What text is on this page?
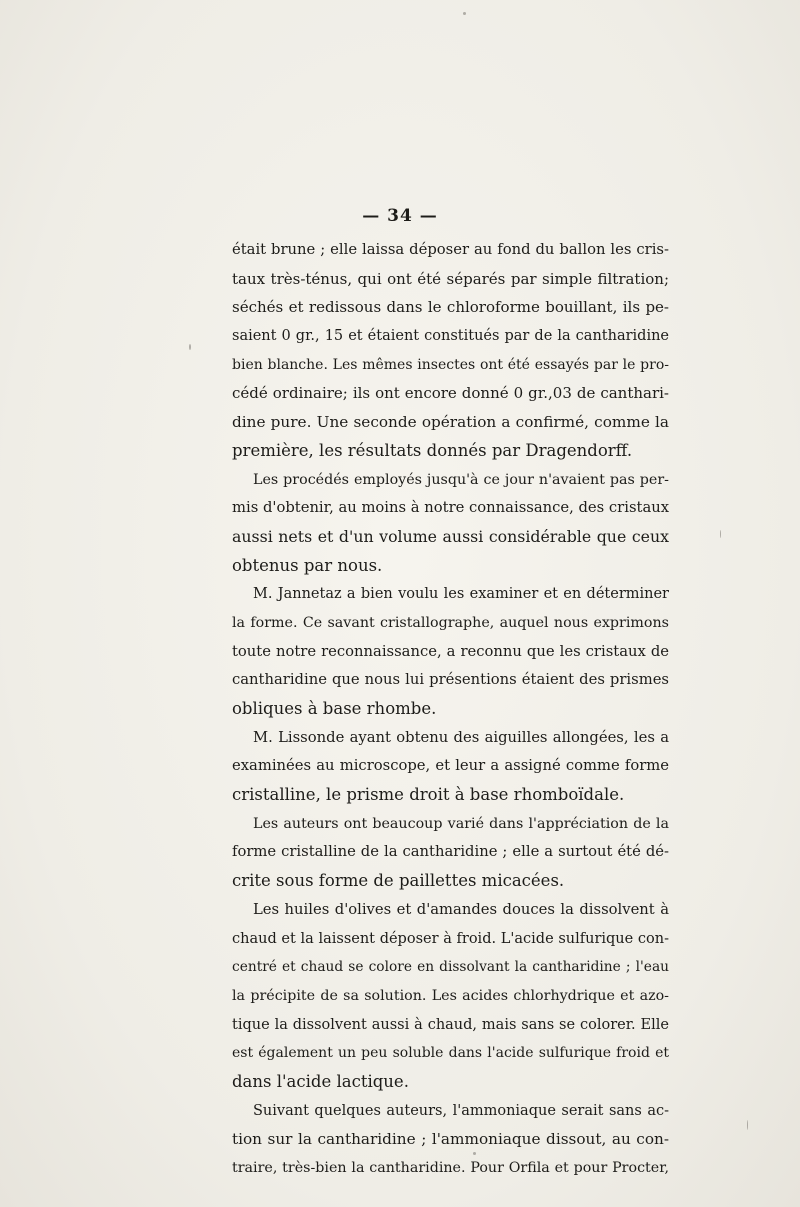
— 34 —
était brune ; elle laissa déposer au fond du ballon les cris-
taux très-ténus, qui ont été séparés par simple filtration;
séchés et redissous dans le chloroforme bouillant, ils pe-
saient 0 gr., 15 et étaient constitués par de la cantharidine
bien blanche. Les mêmes insectes ont été essayés par le pro-
cédé ordinaire; ils ont encore donné 0 gr.,03 de canthari-
dine pure. Une seconde opération a confirmé, comme la
première, les résultats donnés par Dragendorff.
Les procédés employés jusqu'à ce jour n'avaient pas per-
mis d'obtenir, au moins à notre connaissance, des cristaux
aussi nets et d'un volume aussi considérable que ceux
obtenus par nous.
M. Jannetaz a bien voulu les examiner et en déterminer
la forme. Ce savant cristallographe, auquel nous exprimons
toute notre reconnaissance, a reconnu que les cristaux de
cantharidine que nous lui présentions étaient des prismes
obliques à base rhombe.
M. Lissonde ayant obtenu des aiguilles allongées, les a
examinées au microscope, et leur a assigné comme forme
cristalline, le prisme droit à base rhomboïdale.
Les auteurs ont beaucoup varié dans l'appréciation de la
forme cristalline de la cantharidine ; elle a surtout été dé-
crite sous forme de paillettes micacées.
Les huiles d'olives et d'amandes douces la dissolvent à
chaud et la laissent déposer à froid. L'acide sulfurique con-
centré et chaud se colore en dissolvant la cantharidine ; l'eau
la précipite de sa solution. Les acides chlorhydrique et azo-
tique la dissolvent aussi à chaud, mais sans se colorer. Elle
est également un peu soluble dans l'acide sulfurique froid et
dans l'acide lactique.
Suivant quelques auteurs, l'ammoniaque serait sans ac-
tion sur la cantharidine ; l'ammoniaque dissout, au con-
traire, très-bien la cantharidine. Pour Orfila et pour Procter,
